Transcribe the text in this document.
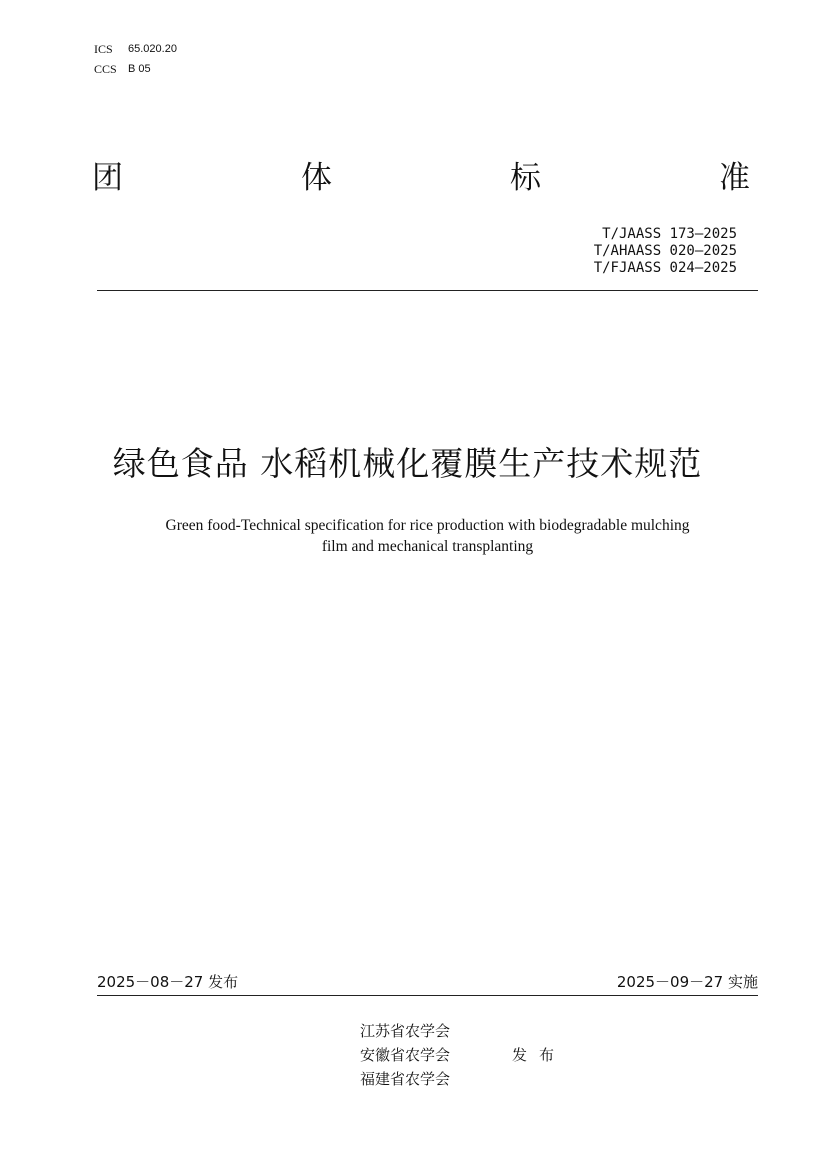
ICS	65.020.20
CCS	B 05
团	体	标	准
T/JAASS 173—2025
T/AHAASS 020—2025
T/FJAASS 024—2025
绿色食品 水稻机械化覆膜生产技术规范
Green food-Technical specification for rice production with biodegradable mulching
film and mechanical transplanting
2025－08－27 发布	2025－09－27 实施
江苏省农学会
安徽省农学会
福建省农学会
发布
